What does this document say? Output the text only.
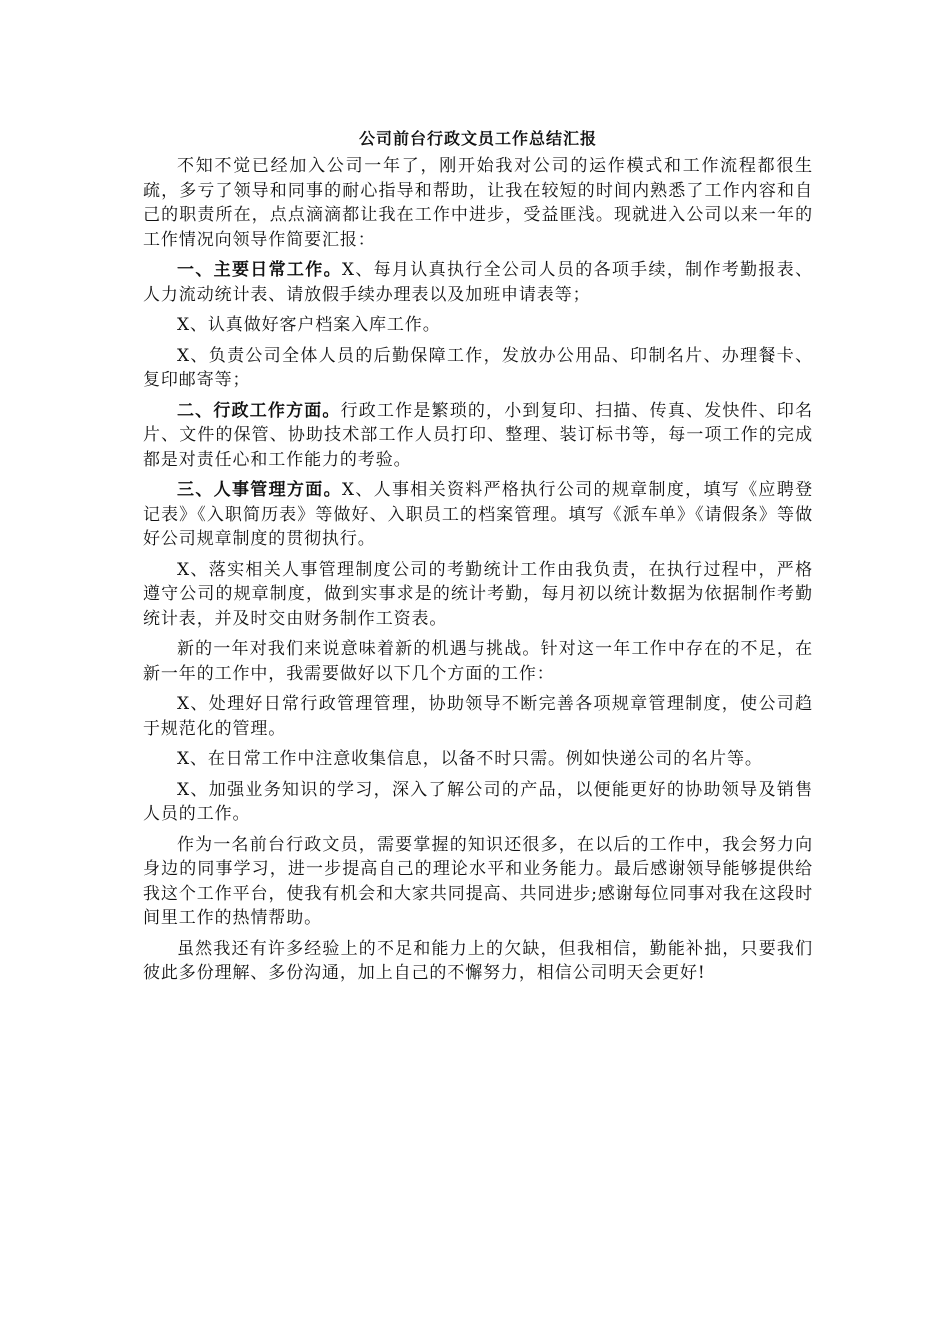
公司前台行政文员工作总结汇报

不知不觉已经加入公司一年了，刚开始我对公司的运作模式和工作流程都很生疏，多亏了领导和同事的耐心指导和帮助，让我在较短的时间内熟悉了工作内容和自己的职责所在，点点滴滴都让我在工作中进步，受益匪浅。现就进入公司以来一年的工作情况向领导作简要汇报：

一、主要日常工作。X、每月认真执行全公司人员的各项手续，制作考勤报表、人力流动统计表、请放假手续办理表以及加班申请表等；

X、认真做好客户档案入库工作。

X、负责公司全体人员的后勤保障工作，发放办公用品、印制名片、办理餐卡、复印邮寄等；

二、行政工作方面。行政工作是繁琐的，小到复印、扫描、传真、发快件、印名片、文件的保管、协助技术部工作人员打印、整理、装订标书等，每一项工作的完成都是对责任心和工作能力的考验。

三、人事管理方面。X、人事相关资料严格执行公司的规章制度，填写《应聘登记表》《入职简历表》等做好、入职员工的档案管理。填写《派车单》《请假条》等做好公司规章制度的贯彻执行。

X、落实相关人事管理制度公司的考勤统计工作由我负责，在执行过程中，严格遵守公司的规章制度，做到实事求是的统计考勤，每月初以统计数据为依据制作考勤统计表，并及时交由财务制作工资表。

新的一年对我们来说意味着新的机遇与挑战。针对这一年工作中存在的不足，在新一年的工作中，我需要做好以下几个方面的工作：

X、处理好日常行政管理管理，协助领导不断完善各项规章管理制度，使公司趋于规范化的管理。

X、在日常工作中注意收集信息，以备不时只需。例如快递公司的名片等。

X、加强业务知识的学习，深入了解公司的产品，以便能更好的协助领导及销售人员的工作。

作为一名前台行政文员，需要掌握的知识还很多，在以后的工作中，我会努力向身边的同事学习，进一步提高自己的理论水平和业务能力。最后感谢领导能够提供给我这个工作平台，使我有机会和大家共同提高、共同进步;感谢每位同事对我在这段时间里工作的热情帮助。

虽然我还有许多经验上的不足和能力上的欠缺，但我相信，勤能补拙，只要我们彼此多份理解、多份沟通，加上自己的不懈努力，相信公司明天会更好!
